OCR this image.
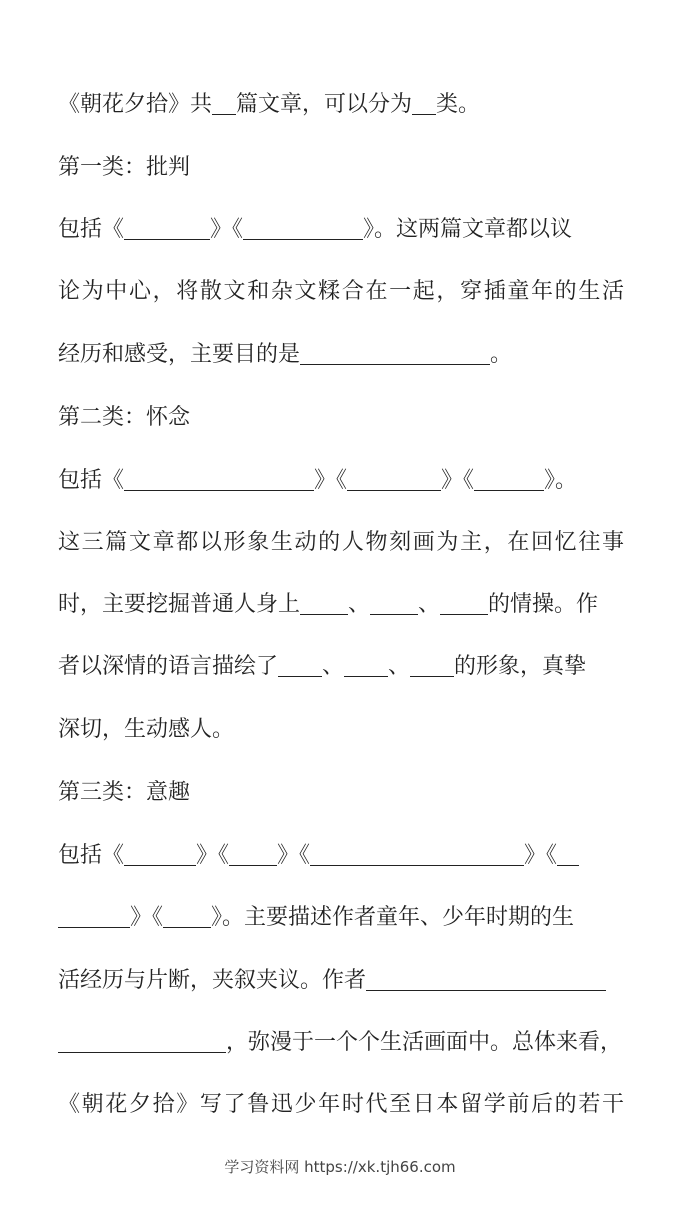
《朝花夕拾》共 篇文章，可以分为 类。
第一类：批判
包括《	》《	》。这两篇文章都以议
论为中心，将散文和杂文糅合在一起，穿插童年的生活
经历和感受，主要目的是	。
第二类：怀念
包括《	》《	》《	》。
这三篇文章都以形象生动的人物刻画为主，在回忆往事
时，主要挖掘普通人身上 、 、 的情操。作
者以深情的语言描绘了 、 、 的形象，真挚
深切，生动感人。
第三类：意趣
包括《	》《 》《	》《
》《 》。主要描述作者童年、少年时期的生
活经历与片断，夹叙夹议。作者
，弥漫于一个个生活画面中。总体来看，
《朝花夕拾》写了鲁迅少年时代至日本留学前后的若干
学习资料网 https://xk.tjh66.com
